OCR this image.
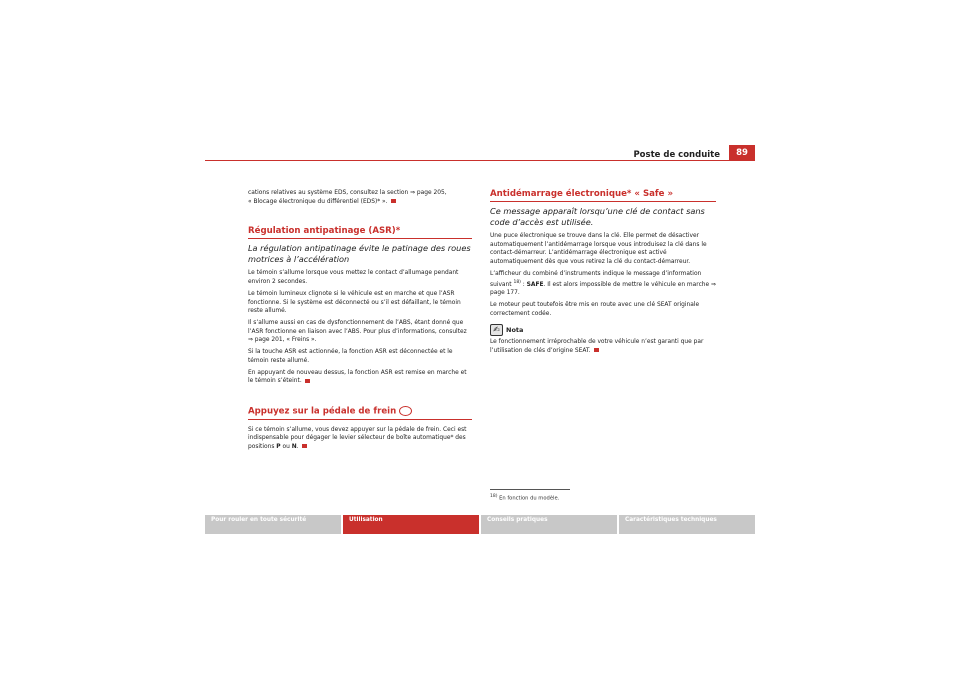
Poste de conduite	89

cations relatives au système EDS, consultez la section ⇒ page 205,
« Blocage électronique du différentiel (EDS)* ».

Régulation antipatinage (ASR)*
La régulation antipatinage évite le patinage des roues motrices à l’accélération

Le témoin s’allume lorsque vous mettez le contact d’allumage pendant environ 2 secondes.

Le témoin lumineux clignote si le véhicule est en marche et que l’ASR fonctionne. Si le système est déconnecté ou s’il est défaillant, le témoin reste allumé.

Il s’allume aussi en cas de dysfonctionnement de l’ABS, étant donné que l’ASR fonctionne en liaison avec l’ABS. Pour plus d’informations, consultez ⇒ page 201, « Freins ».

Si la touche ASR est actionnée, la fonction ASR est déconnectée et le témoin reste allumé.

En appuyant de nouveau dessus, la fonction ASR est remise en marche et le témoin s’éteint.

Appuyez sur la pédale de frein

Si ce témoin s’allume, vous devez appuyer sur la pédale de frein. Ceci est indispensable pour dégager le levier sélecteur de boîte automatique* des positions P ou N.

Antidémarrage électronique* « Safe »
Ce message apparaît lorsqu’une clé de contact sans code d’accès est utilisée.

Une puce électronique se trouve dans la clé. Elle permet de désactiver automatiquement l’antidémarrage lorsque vous introduisez la clé dans le contact-démarreur. L’antidémarrage électronique est activé automatiquement dès que vous retirez la clé du contact-démarreur.

L’afficheur du combiné d’instruments indique le message d’information suivant $^{18)}$ : SAFE. Il est alors impossible de mettre le véhicule en marche ⇒ page 177.

Le moteur peut toutefois être mis en route avec une clé SEAT originale correctement codée.

✍ Nota

Le fonctionnement irréprochable de votre véhicule n’est garanti que par l’utilisation de clés d’origine SEAT.

$^{18)}$ En fonction du modèle.
Pour rouler en toute sécurité	Utilisation	Conseils pratiques	Caractéristiques techniques
